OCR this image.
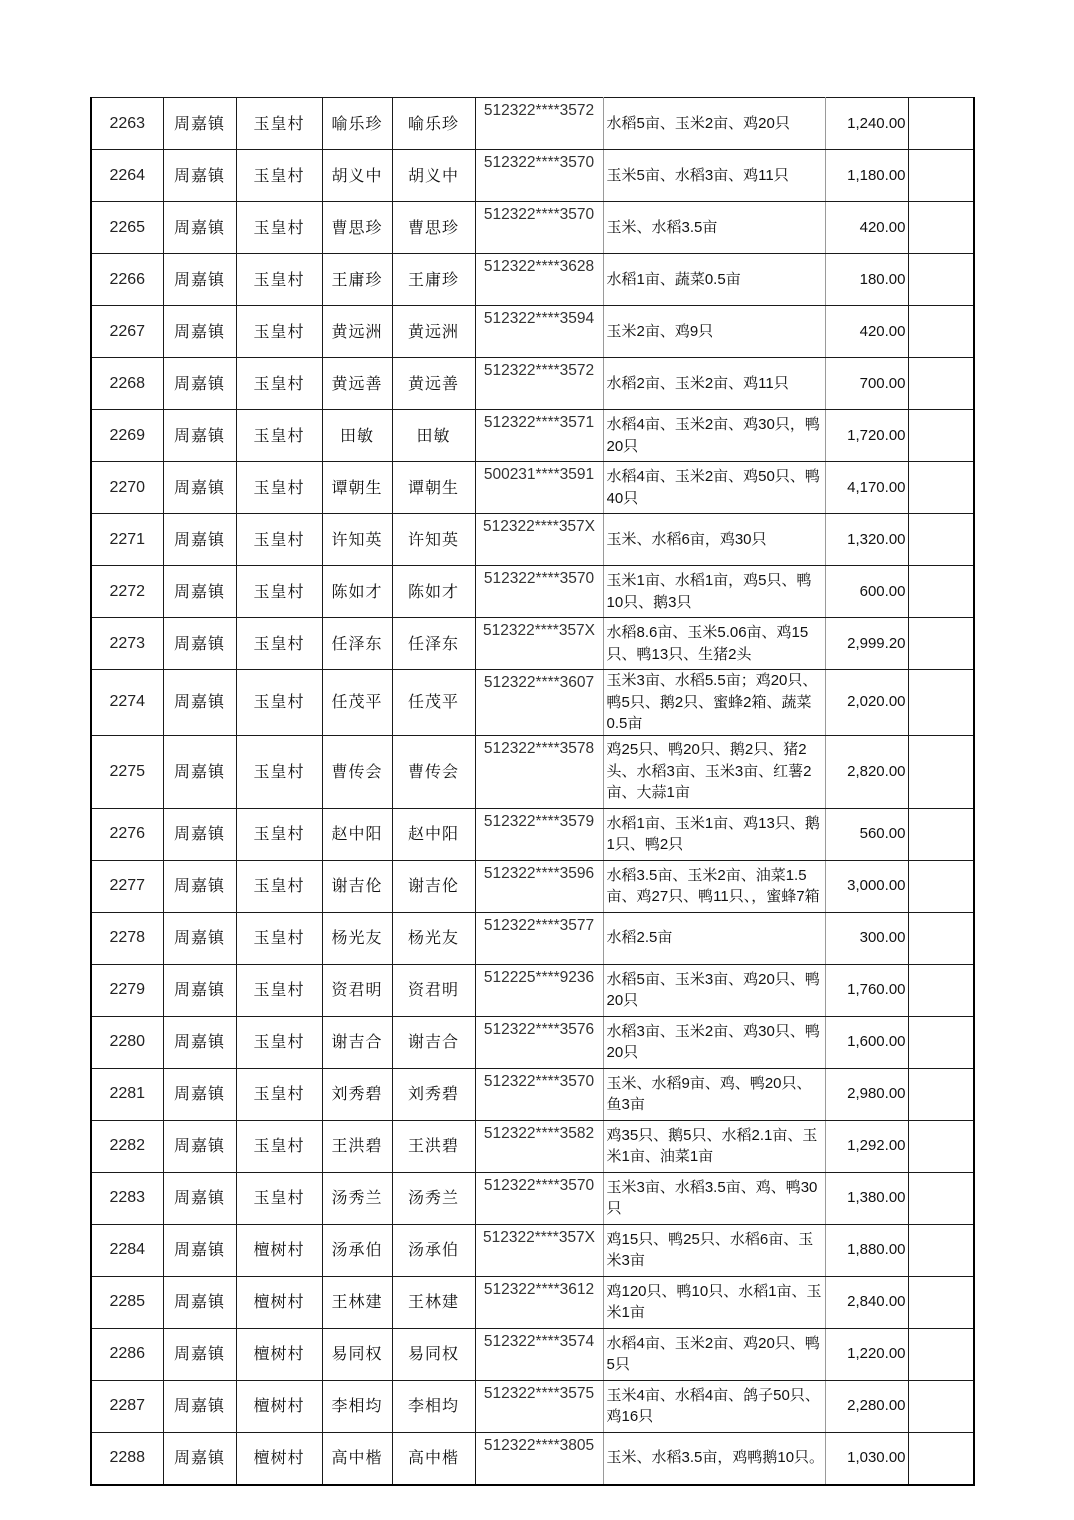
2263	周嘉镇	玉皇村	喻乐珍	喻乐珍	512322****3572	水稻5亩、玉米2亩、鸡20只	1,240.00	
2264	周嘉镇	玉皇村	胡义中	胡义中	512322****3570	玉米5亩、水稻3亩、鸡11只	1,180.00	
2265	周嘉镇	玉皇村	曹思珍	曹思珍	512322****3570	玉米、水稻3.5亩	420.00	
2266	周嘉镇	玉皇村	王庸珍	王庸珍	512322****3628	水稻1亩、蔬菜0.5亩	180.00	
2267	周嘉镇	玉皇村	黄远洲	黄远洲	512322****3594	玉米2亩、鸡9只	420.00	
2268	周嘉镇	玉皇村	黄远善	黄远善	512322****3572	水稻2亩、玉米2亩、鸡11只	700.00	
2269	周嘉镇	玉皇村	田敏	田敏	512322****3571	水稻4亩、玉米2亩、鸡30只，鸭20只	1,720.00	
2270	周嘉镇	玉皇村	谭朝生	谭朝生	500231****3591	水稻4亩、玉米2亩、鸡50只、鸭40只	4,170.00	
2271	周嘉镇	玉皇村	许知英	许知英	512322****357X	玉米、水稻6亩，鸡30只	1,320.00	
2272	周嘉镇	玉皇村	陈如才	陈如才	512322****3570	玉米1亩、水稻1亩，鸡5只、鸭10只、鹅3只	600.00	
2273	周嘉镇	玉皇村	任泽东	任泽东	512322****357X	水稻8.6亩、玉米5.06亩、鸡15只、鸭13只、生猪2头	2,999.20	
2274	周嘉镇	玉皇村	任茂平	任茂平	512322****3607	玉米3亩、水稻5.5亩；鸡20只、鸭5只、鹅2只、蜜蜂2箱、蔬菜0.5亩	2,020.00	
2275	周嘉镇	玉皇村	曹传会	曹传会	512322****3578	鸡25只、鸭20只、鹅2只、猪2头、水稻3亩、玉米3亩、红薯2亩、大蒜1亩	2,820.00	
2276	周嘉镇	玉皇村	赵中阳	赵中阳	512322****3579	水稻1亩、玉米1亩、鸡13只、鹅1只、鸭2只	560.00	
2277	周嘉镇	玉皇村	谢吉伦	谢吉伦	512322****3596	水稻3.5亩、玉米2亩、油菜1.5亩、鸡27只、鸭11只、，蜜蜂7箱	3,000.00	
2278	周嘉镇	玉皇村	杨光友	杨光友	512322****3577	水稻2.5亩	300.00	
2279	周嘉镇	玉皇村	资君明	资君明	512225****9236	水稻5亩、玉米3亩、鸡20只、鸭20只	1,760.00	
2280	周嘉镇	玉皇村	谢吉合	谢吉合	512322****3576	水稻3亩、玉米2亩、鸡30只、鸭20只	1,600.00	
2281	周嘉镇	玉皇村	刘秀碧	刘秀碧	512322****3570	玉米、水稻9亩、鸡、鸭20只、鱼3亩	2,980.00	
2282	周嘉镇	玉皇村	王洪碧	王洪碧	512322****3582	鸡35只、鹅5只、水稻2.1亩、玉米1亩、油菜1亩	1,292.00	
2283	周嘉镇	玉皇村	汤秀兰	汤秀兰	512322****3570	玉米3亩、水稻3.5亩、鸡、鸭30只	1,380.00	
2284	周嘉镇	檀树村	汤承伯	汤承伯	512322****357X	鸡15只、鸭25只、水稻6亩、玉米3亩	1,880.00	
2285	周嘉镇	檀树村	王林建	王林建	512322****3612	鸡120只、鸭10只、水稻1亩、玉米1亩	2,840.00	
2286	周嘉镇	檀树村	易同权	易同权	512322****3574	水稻4亩、玉米2亩、鸡20只、鸭5只	1,220.00	
2287	周嘉镇	檀树村	李相均	李相均	512322****3575	玉米4亩、水稻4亩、鸽子50只、鸡16只	2,280.00	
2288	周嘉镇	檀树村	高中楷	高中楷	512322****3805	玉米、水稻3.5亩，鸡鸭鹅10只。	1,030.00	
